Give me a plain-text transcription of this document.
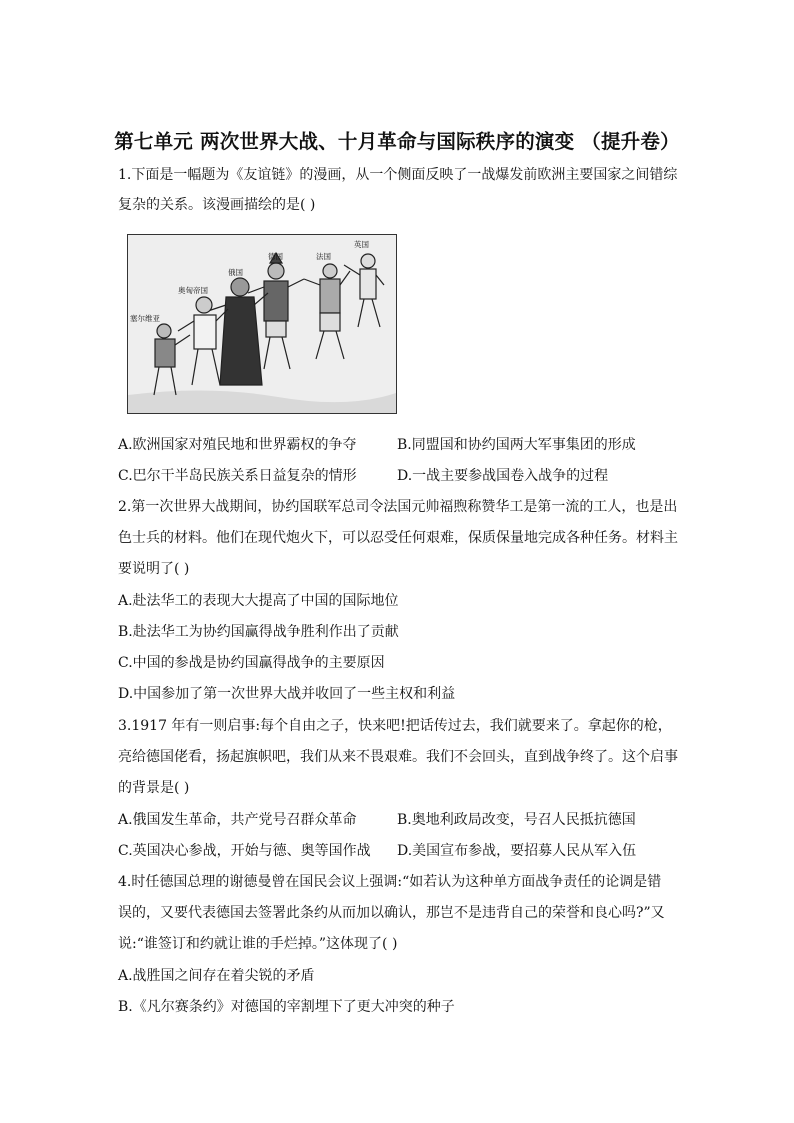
第七单元 两次世界大战、十月革命与国际秩序的演变 （提升卷）
1.下面是一幅题为《友谊链》的漫画，从一个侧面反映了一战爆发前欧洲主要国家之间错综
复杂的关系。该漫画描绘的是( )
英国
法国
德国
俄国
奥匈帝国
塞尔维亚
A.欧洲国家对殖民地和世界霸权的争夺	B.同盟国和协约国两大军事集团的形成
C.巴尔干半岛民族关系日益复杂的情形	D.一战主要参战国卷入战争的过程
2.第一次世界大战期间，协约国联军总司令法国元帅福煦称赞华工是第一流的工人，也是出
色士兵的材料。他们在现代炮火下，可以忍受任何艰难，保质保量地完成各种任务。材料主
要说明了( )
A.赴法华工的表现大大提高了中国的国际地位
B.赴法华工为协约国赢得战争胜利作出了贡献
C.中国的参战是协约国赢得战争的主要原因
D.中国参加了第一次世界大战并收回了一些主权和利益
3.1917 年有一则启事:每个自由之子，快来吧!把话传过去，我们就要来了。拿起你的枪，
亮给德国佬看，扬起旗帜吧，我们从来不畏艰难。我们不会回头，直到战争终了。这个启事
的背景是( )
A.俄国发生革命，共产党号召群众革命	B.奥地利政局改变，号召人民抵抗德国
C.英国决心参战，开始与德、奥等国作战 D.美国宣布参战，要招募人民从军入伍
4.时任德国总理的谢德曼曾在国民会议上强调:“如若认为这种单方面战争责任的论调是错
误的，又要代表德国去签署此条约从而加以确认，那岂不是违背自己的荣誉和良心吗?”又
说:“谁签订和约就让谁的手烂掉。”这体现了( )
A.战胜国之间存在着尖锐的矛盾
B.《凡尔赛条约》对德国的宰割埋下了更大冲突的种子
